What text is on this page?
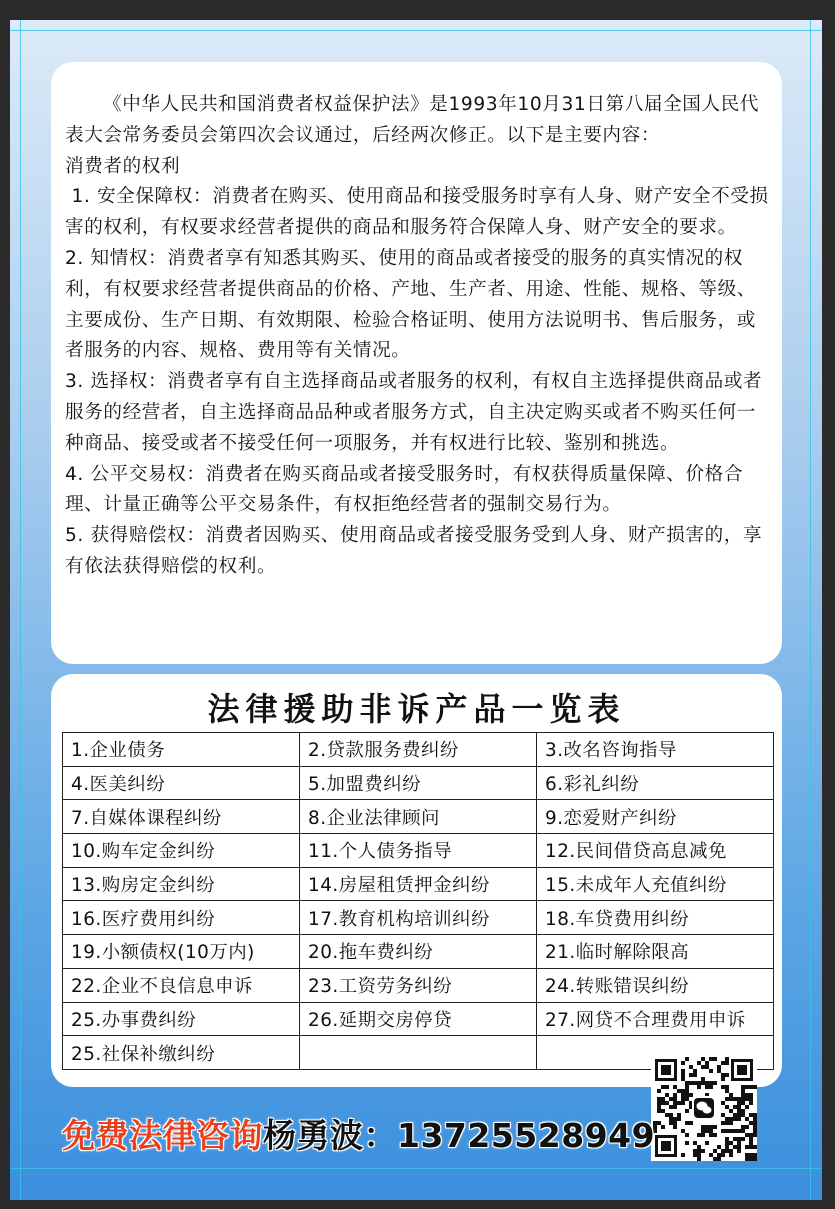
《中华人民共和国消费者权益保护法》是1993年10月31日第八届全国人民代表大会常务委员会第四次会议通过，后经两次修正。以下是主要内容：

消费者的权利

1. 安全保障权：消费者在购买、使用商品和接受服务时享有人身、财产安全不受损害的权利，有权要求经营者提供的商品和服务符合保障人身、财产安全的要求。

2. 知情权：消费者享有知悉其购买、使用的商品或者接受的服务的真实情况的权利，有权要求经营者提供商品的价格、产地、生产者、用途、性能、规格、等级、主要成份、生产日期、有效期限、检验合格证明、使用方法说明书、售后服务，或者服务的内容、规格、费用等有关情况。

3. 选择权：消费者享有自主选择商品或者服务的权利，有权自主选择提供商品或者服务的经营者，自主选择商品品种或者服务方式，自主决定购买或者不购买任何一种商品、接受或者不接受任何一项服务，并有权进行比较、鉴别和挑选。

4. 公平交易权：消费者在购买商品或者接受服务时，有权获得质量保障、价格合理、计量正确等公平交易条件，有权拒绝经营者的强制交易行为。

5. 获得赔偿权：消费者因购买、使用商品或者接受服务受到人身、财产损害的，享有依法获得赔偿的权利。

法律援助非诉产品一览表
1.企业债务	2.贷款服务费纠纷	3.改名咨询指导
4.医美纠纷	5.加盟费纠纷	6.彩礼纠纷
7.自媒体课程纠纷	8.企业法律顾问	9.恋爱财产纠纷
10.购车定金纠纷	11.个人债务指导	12.民间借贷高息减免
13.购房定金纠纷	14.房屋租赁押金纠纷	15.未成年人充值纠纷
16.医疗费用纠纷	17.教育机构培训纠纷	18.车贷费用纠纷
19.小额债权(10万内)	20.拖车费纠纷	21.临时解除限高
22.企业不良信息申诉	23.工资劳务纠纷	24.转账错误纠纷
25.办事费纠纷	26.延期交房停贷	27.网贷不合理费用申诉
25.社保补缴纠纷		
免费法律咨询杨勇波：13725528949
